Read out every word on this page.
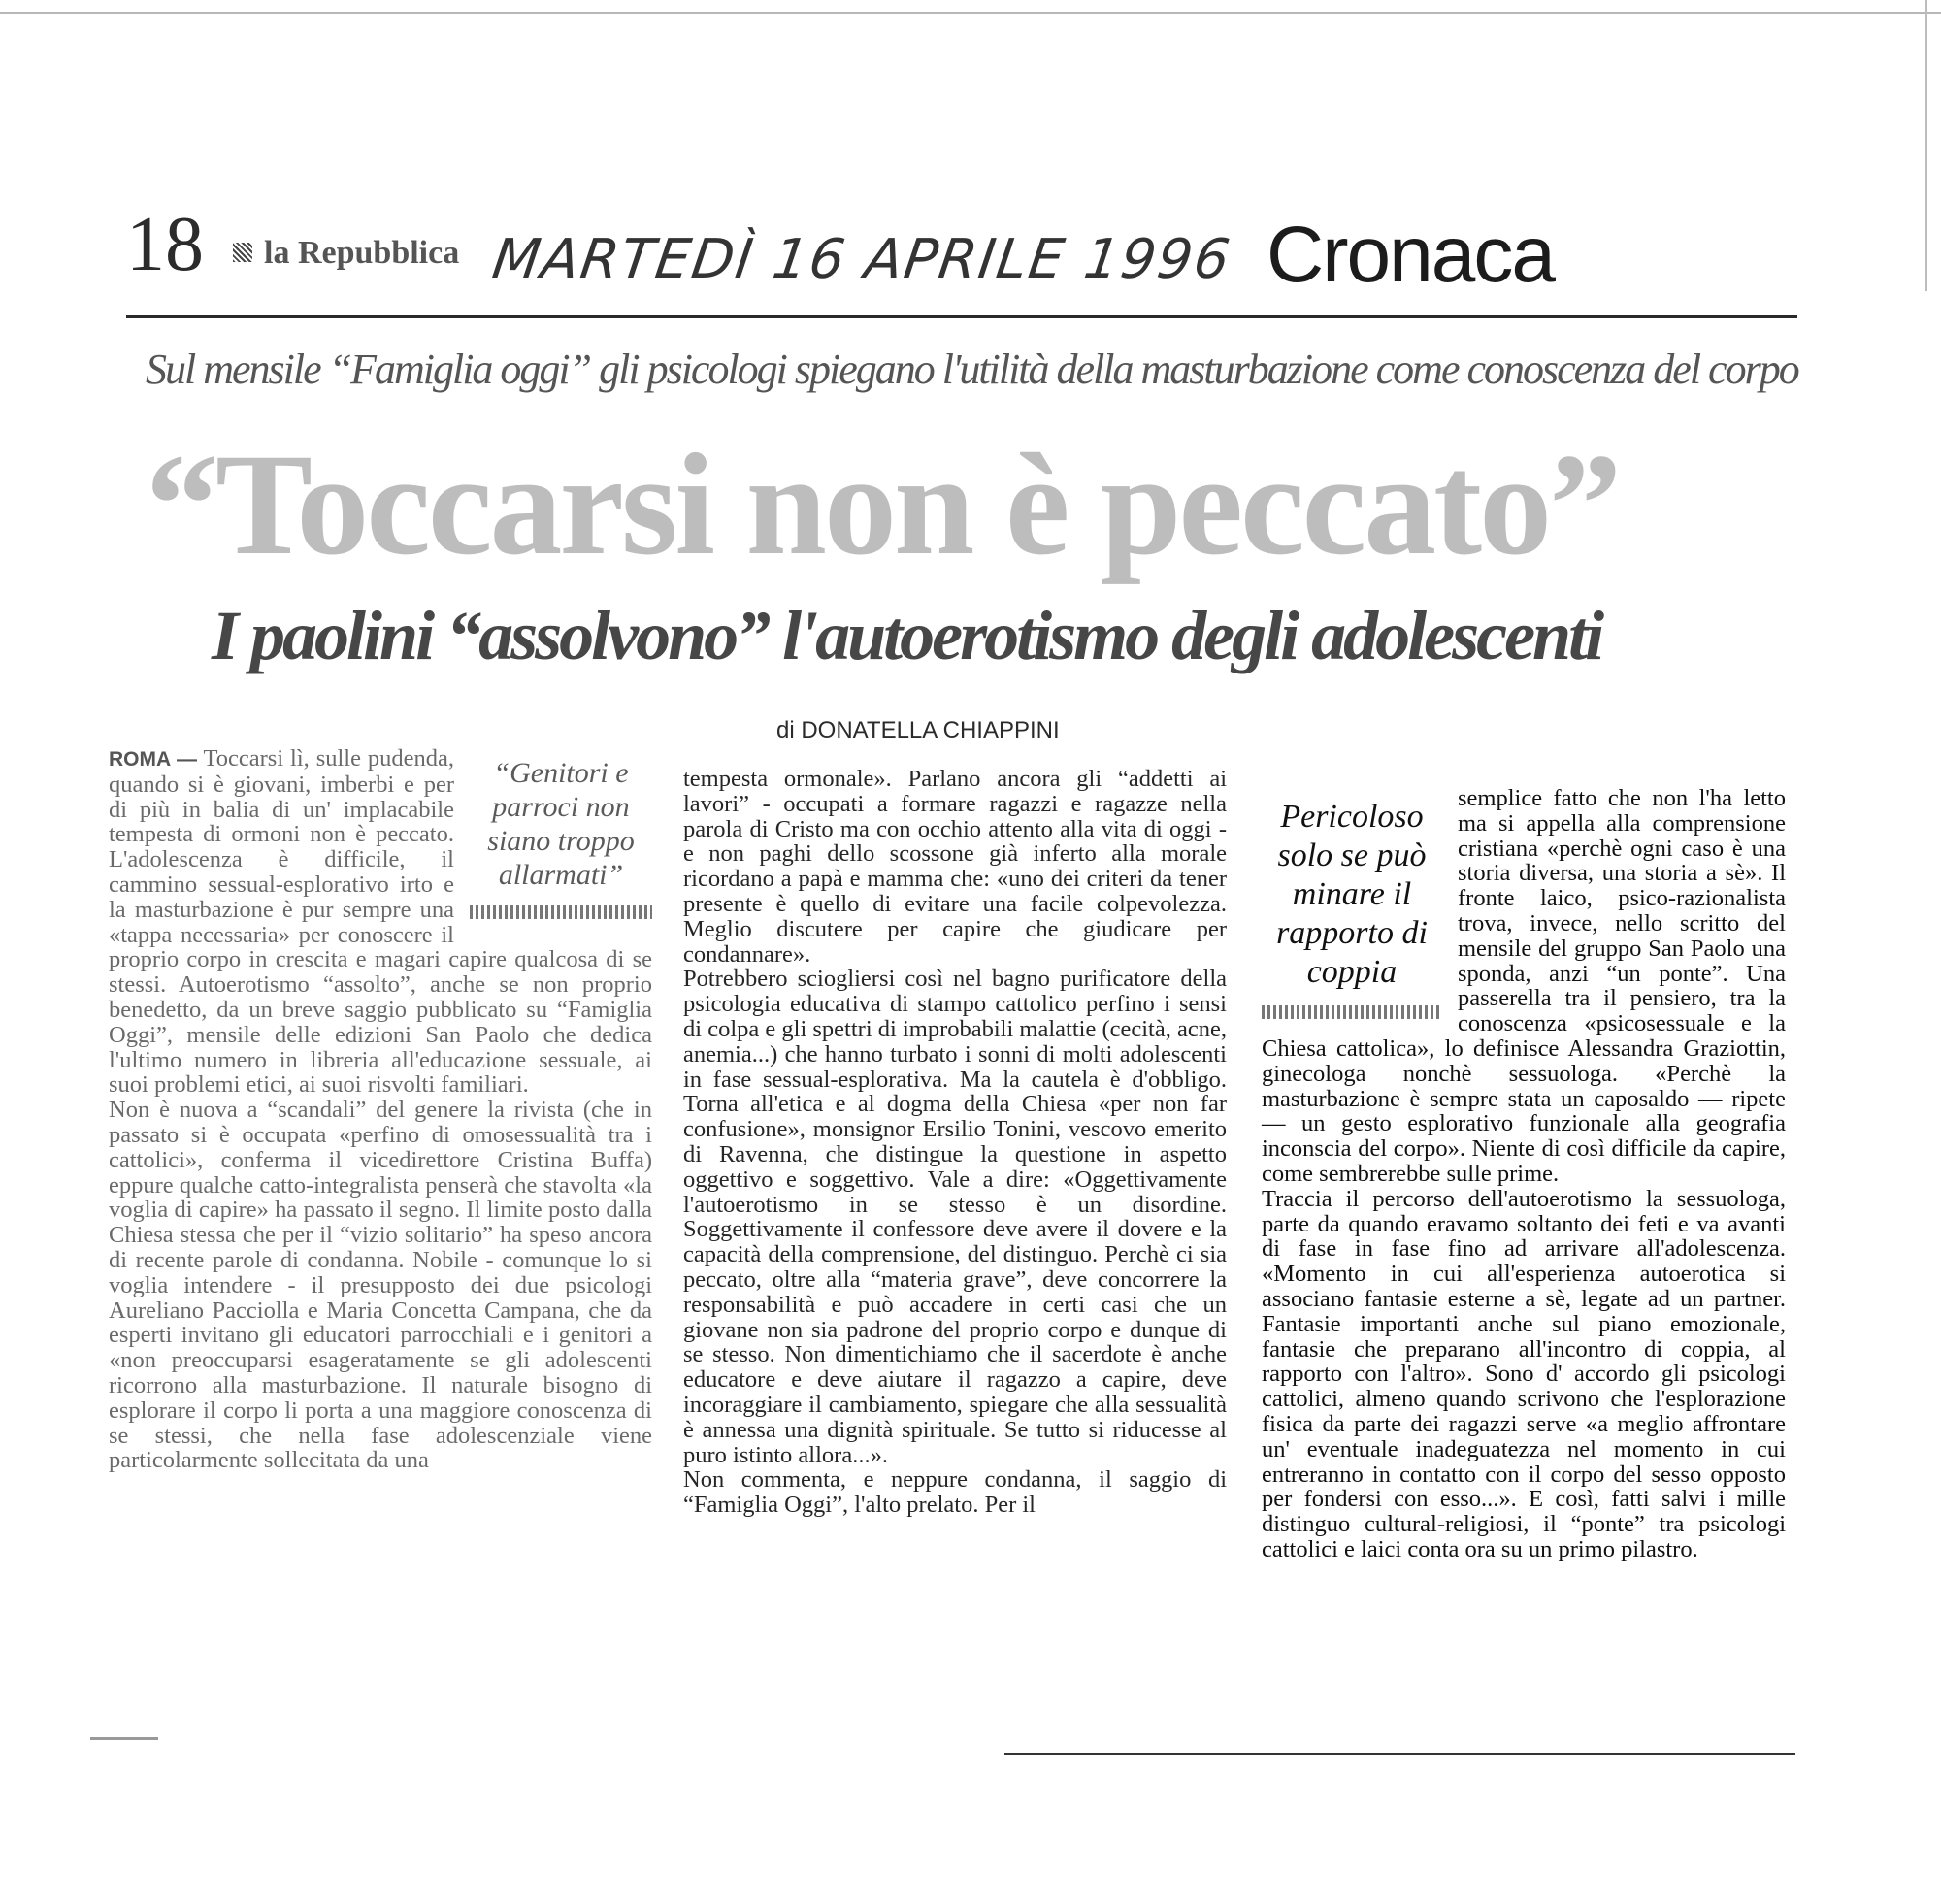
18 la Repubblica MARTEDÌ 16 APRILE 1996 Cronaca
Sul mensile “Famiglia oggi” gli psicologi spiegano l'utilità della masturbazione come conoscenza del corpo
“Toccarsi non è peccato”
I paolini “assolvono” l'autoerotismo degli adolescenti
di DONATELLA CHIAPPINI
“Genitori e parroci non siano troppo allarmati”

ROMA — Toccarsi lì, sulle pudenda, quando si è giovani, imberbi e per di più in balia di un' implacabile tempesta di ormoni non è peccato. L'adolescenza è difficile, il cammino sessual-esplorativo irto e la masturbazione è pur sempre una «tappa necessaria» per conoscere il proprio corpo in crescita e magari capire qualcosa di se stessi. Autoerotismo “assolto”, anche se non proprio benedetto, da un breve saggio pubblicato su “Famiglia Oggi”, mensile delle edizioni San Paolo che dedica l'ultimo numero in libreria all'educazione sessuale, ai suoi problemi etici, ai suoi risvolti familiari.

Non è nuova a “scandali” del genere la rivista (che in passato si è occupata «perfino di omosessualità tra i cattolici», conferma il vicedirettore Cristina Buffa) eppure qualche catto-integralista penserà che stavolta «la voglia di capire» ha passato il segno. Il limite posto dalla Chiesa stessa che per il “vizio solitario” ha speso ancora di recente parole di condanna. Nobile - comunque lo si voglia intendere - il presupposto dei due psicologi Aureliano Pacciolla e Maria Concetta Campana, che da esperti invitano gli educatori parrocchiali e i genitori a «non preoccuparsi esageratamente se gli adolescenti ricorrono alla masturbazione. Il naturale bisogno di esplorare il corpo li porta a una maggiore conoscenza di se stessi, che nella fase adolescenziale viene particolarmente sollecitata da una

tempesta ormonale». Parlano ancora gli “addetti ai lavori” - occupati a formare ragazzi e ragazze nella parola di Cristo ma con occhio attento alla vita di oggi - e non paghi dello scossone già inferto alla morale ricordano a papà e mamma che: «uno dei criteri da tener presente è quello di evitare una facile colpevolezza. Meglio discutere per capire che giudicare per condannare».

Potrebbero sciogliersi così nel bagno purificatore della psicologia educativa di stampo cattolico perfino i sensi di colpa e gli spettri di improbabili malattie (cecità, acne, anemia...) che hanno turbato i sonni di molti adolescenti in fase sessual-esplorativa. Ma la cautela è d'obbligo. Torna all'etica e al dogma della Chiesa «per non far confusione», monsignor Ersilio Tonini, vescovo emerito di Ravenna, che distingue la questione in aspetto oggettivo e soggettivo. Vale a dire: «Oggettivamente l'autoerotismo in se stesso è un disordine. Soggettivamente il confessore deve avere il dovere e la capacità della comprensione, del distinguo. Perchè ci sia peccato, oltre alla “materia grave”, deve concorrere la responsabilità e può accadere in certi casi che un giovane non sia padrone del proprio corpo e dunque di se stesso. Non dimentichiamo che il sacerdote è anche educatore e deve aiutare il ragazzo a capire, deve incoraggiare il cambiamento, spiegare che alla sessualità è annessa una dignità spirituale. Se tutto si riducesse al puro istinto allora...».

Non commenta, e neppure condanna, il saggio di “Famiglia Oggi”, l'alto prelato. Per il

Pericoloso solo se può minare il rapporto di coppia

semplice fatto che non l'ha letto ma si appella alla comprensione cristiana «perchè ogni caso è una storia diversa, una storia a sè». Il fronte laico, psico-razionalista trova, invece, nello scritto del mensile del gruppo San Paolo una sponda, anzi “un ponte”. Una passerella tra il pensiero, tra la conoscenza «psicosessuale e la Chiesa cattolica», lo definisce Alessandra Graziottin, ginecologa nonchè sessuologa. «Perchè la masturbazione è sempre stata un caposaldo — ripete — un gesto esplorativo funzionale alla geografia inconscia del corpo». Niente di così difficile da capire, come sembrerebbe sulle prime.

Traccia il percorso dell'autoerotismo la sessuologa, parte da quando eravamo soltanto dei feti e va avanti di fase in fase fino ad arrivare all'adolescenza. «Momento in cui all'esperienza autoerotica si associano fantasie esterne a sè, legate ad un partner. Fantasie importanti anche sul piano emozionale, fantasie che preparano all'incontro di coppia, al rapporto con l'altro». Sono d' accordo gli psicologi cattolici, almeno quando scrivono che l'esplorazione fisica da parte dei ragazzi serve «a meglio affrontare un' eventuale inadeguatezza nel momento in cui entreranno in contatto con il corpo del sesso opposto per fondersi con esso...». E così, fatti salvi i mille distinguo cultural-religiosi, il “ponte” tra psicologi cattolici e laici conta ora su un primo pilastro.
